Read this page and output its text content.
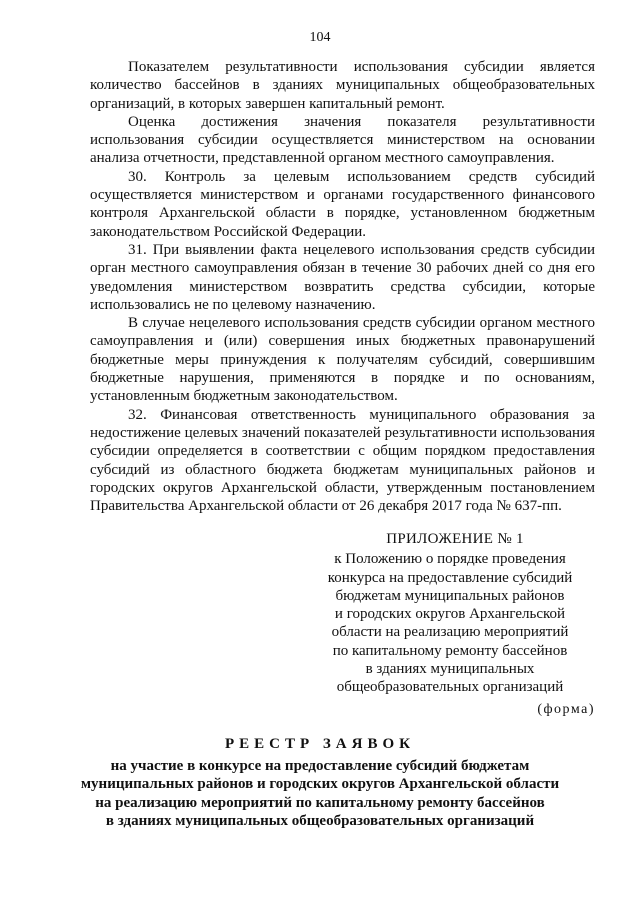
104

Показателем результативности использования субсидии является количество бассейнов в зданиях муниципальных общеобразовательных организаций, в которых завершен капитальный ремонт.

Оценка достижения значения показателя результативности использования субсидии осуществляется министерством на основании анализа отчетности, представленной органом местного самоуправления.

30. Контроль за целевым использованием средств субсидий осуществляется министерством и органами государственного финансового контроля Архангельской области в порядке, установленном бюджетным законодательством Российской Федерации.

31. При выявлении факта нецелевого использования средств субсидии орган местного самоуправления обязан в течение 30 рабочих дней со дня его уведомления министерством возвратить средства субсидии, которые использовались не по целевому назначению.

В случае нецелевого использования средств субсидии органом местного самоуправления и (или) совершения иных бюджетных правонарушений бюджетные меры принуждения к получателям субсидий, совершившим бюджетные нарушения, применяются в порядке и по основаниям, установленным бюджетным законодательством.

32. Финансовая ответственность муниципального образования за недостижение целевых значений показателей результативности использования субсидии определяется в соответствии с общим порядком предоставления субсидий из областного бюджета бюджетам муниципальных районов и городских округов Архангельской области, утвержденным постановлением Правительства Архангельской области от 26 декабря 2017 года № 637-пп.

ПРИЛОЖЕНИЕ № 1
к Положению о порядке проведения
конкурса на предоставление субсидий
бюджетам муниципальных районов
и городских округов Архангельской
области на реализацию мероприятий
по капитальному ремонту бассейнов
в зданиях муниципальных
общеобразовательных организаций
(форма)
РЕЕСТР ЗАЯВОК
на участие в конкурсе на предоставление субсидий бюджетам
муниципальных районов и городских округов Архангельской области
на реализацию мероприятий по капитальному ремонту бассейнов
в зданиях муниципальных общеобразовательных организаций
